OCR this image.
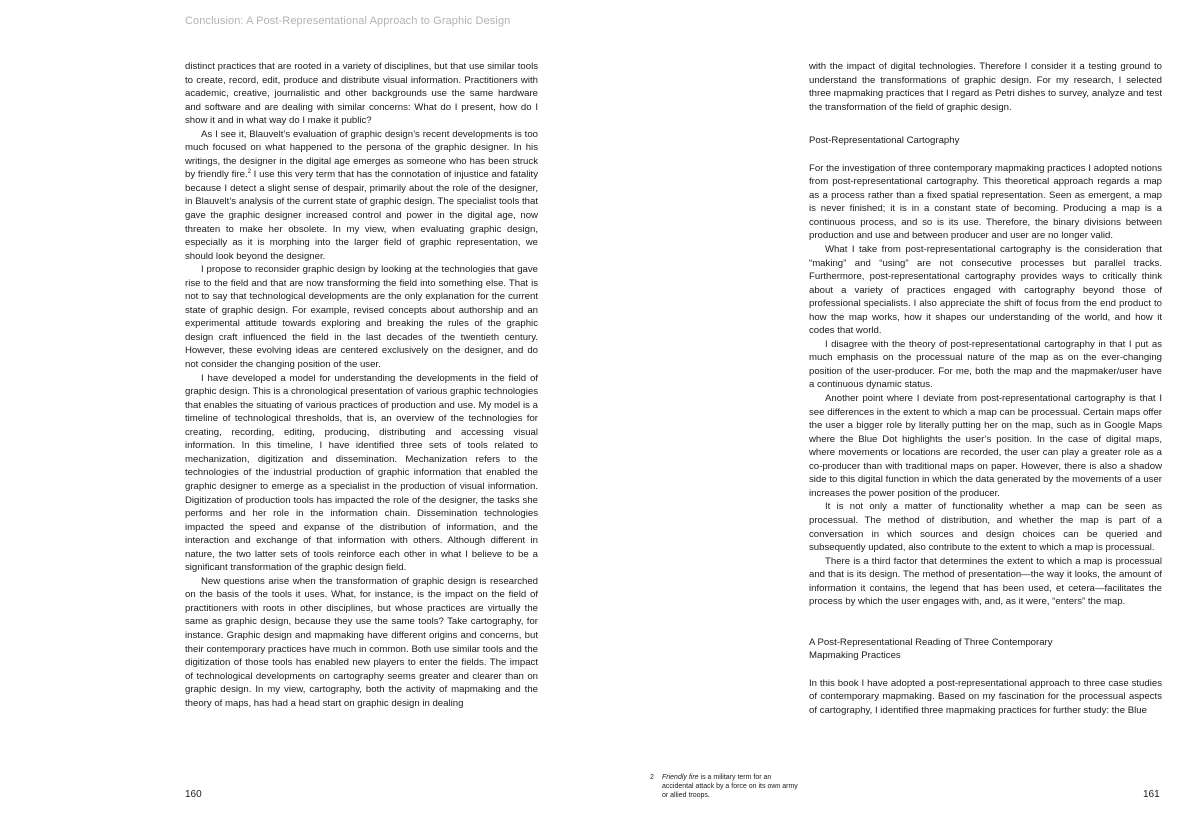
Conclusion: A Post-Representational Approach to Graphic Design

distinct practices that are rooted in a variety of disciplines, but that use similar tools to create, record, edit, produce and distribute visual information. Practitioners with academic, creative, journalistic and other backgrounds use the same hardware and software and are dealing with similar concerns: What do I present, how do I show it and in what way do I make it public?

As I see it, Blauvelt’s evaluation of graphic design’s recent developments is too much focused on what happened to the persona of the graphic designer. In his writings, the designer in the digital age emerges as someone who has been struck by friendly fire.$^2$ I use this very term that has the connotation of injustice and fatality because I detect a slight sense of despair, primarily about the role of the designer, in Blauvelt’s analysis of the current state of graphic design. The specialist tools that gave the graphic designer increased control and power in the digital age, now threaten to make her obsolete. In my view, when evaluating graphic design, especially as it is morphing into the larger field of graphic representation, we should look beyond the designer.

I propose to reconsider graphic design by looking at the technologies that gave rise to the field and that are now transforming the field into something else. That is not to say that technological developments are the only explanation for the current state of graphic design. For example, revised concepts about authorship and an experimental attitude towards exploring and breaking the rules of the graphic design craft influenced the field in the last decades of the twentieth century. However, these evolving ideas are centered exclusively on the designer, and do not consider the changing position of the user.

I have developed a model for understanding the developments in the field of graphic design. This is a chronological presentation of various graphic technologies that enables the situating of various practices of production and use. My model is a timeline of technological thresholds, that is, an overview of the technologies for creating, recording, editing, producing, distributing and accessing visual information. In this timeline, I have identified three sets of tools related to mechanization, digitization and dissemination. Mechanization refers to the technologies of the industrial production of graphic information that enabled the graphic designer to emerge as a specialist in the production of visual information. Digitization of production tools has impacted the role of the designer, the tasks she performs and her role in the information chain. Dissemination technologies impacted the speed and expanse of the distribution of information, and the interaction and exchange of that information with others. Although different in nature, the two latter sets of tools reinforce each other in what I believe to be a significant transformation of the graphic design field.

New questions arise when the transformation of graphic design is researched on the basis of the tools it uses. What, for instance, is the impact on the field of practitioners with roots in other disciplines, but whose practices are virtually the same as graphic design, because they use the same tools? Take cartography, for instance. Graphic design and mapmaking have different origins and concerns, but their contemporary practices have much in common. Both use similar tools and the digitization of those tools has enabled new players to enter the fields. The impact of technological developments on cartography seems greater and clearer than on graphic design. In my view, cartography, both the activity of mapmaking and the theory of maps, has had a head start on graphic design in dealing

with the impact of digital technologies. Therefore I consider it a testing ground to understand the transformations of graphic design. For my research, I selected three mapmaking practices that I regard as Petri dishes to survey, analyze and test the transformation of the field of graphic design.

Post-Representational Cartography

For the investigation of three contemporary mapmaking practices I adopted notions from post-representational cartography. This theoretical approach regards a map as a process rather than a fixed spatial representation. Seen as emergent, a map is never finished; it is in a constant state of becoming. Producing a map is a continuous process, and so is its use. Therefore, the binary divisions between production and use and between producer and user are no longer valid.

What I take from post-representational cartography is the consideration that “making” and “using” are not consecutive processes but parallel tracks. Furthermore, post-representational cartography provides ways to critically think about a variety of practices engaged with cartography beyond those of professional specialists. I also appreciate the shift of focus from the end product to how the map works, how it shapes our understanding of the world, and how it codes that world.

I disagree with the theory of post-representational cartography in that I put as much emphasis on the processual nature of the map as on the ever-changing position of the user-producer. For me, both the map and the mapmaker/user have a continuous dynamic status.

Another point where I deviate from post-representational cartography is that I see differences in the extent to which a map can be processual. Certain maps offer the user a bigger role by literally putting her on the map, such as in Google Maps where the Blue Dot highlights the user’s position. In the case of digital maps, where movements or locations are recorded, the user can play a greater role as a co-producer than with traditional maps on paper. However, there is also a shadow side to this digital function in which the data generated by the movements of a user increases the power position of the producer.

It is not only a matter of functionality whether a map can be seen as processual. The method of distribution, and whether the map is part of a conversation in which sources and design choices can be queried and subsequently updated, also contribute to the extent to which a map is processual.

There is a third factor that determines the extent to which a map is processual and that is its design. The method of presentation—the way it looks, the amount of information it contains, the legend that has been used, et cetera—facilitates the process by which the user engages with, and, as it were, “enters” the map.

A Post-Representational Reading of Three Contemporary
Mapmaking Practices

In this book I have adopted a post-representational approach to three case studies of contemporary mapmaking. Based on my fascination for the processual aspects of cartography, I identified three mapmaking practices for further study: the Blue

2 Friendly fire is a military term for an accidental attack by a force on its own army or allied troops.
160	161
